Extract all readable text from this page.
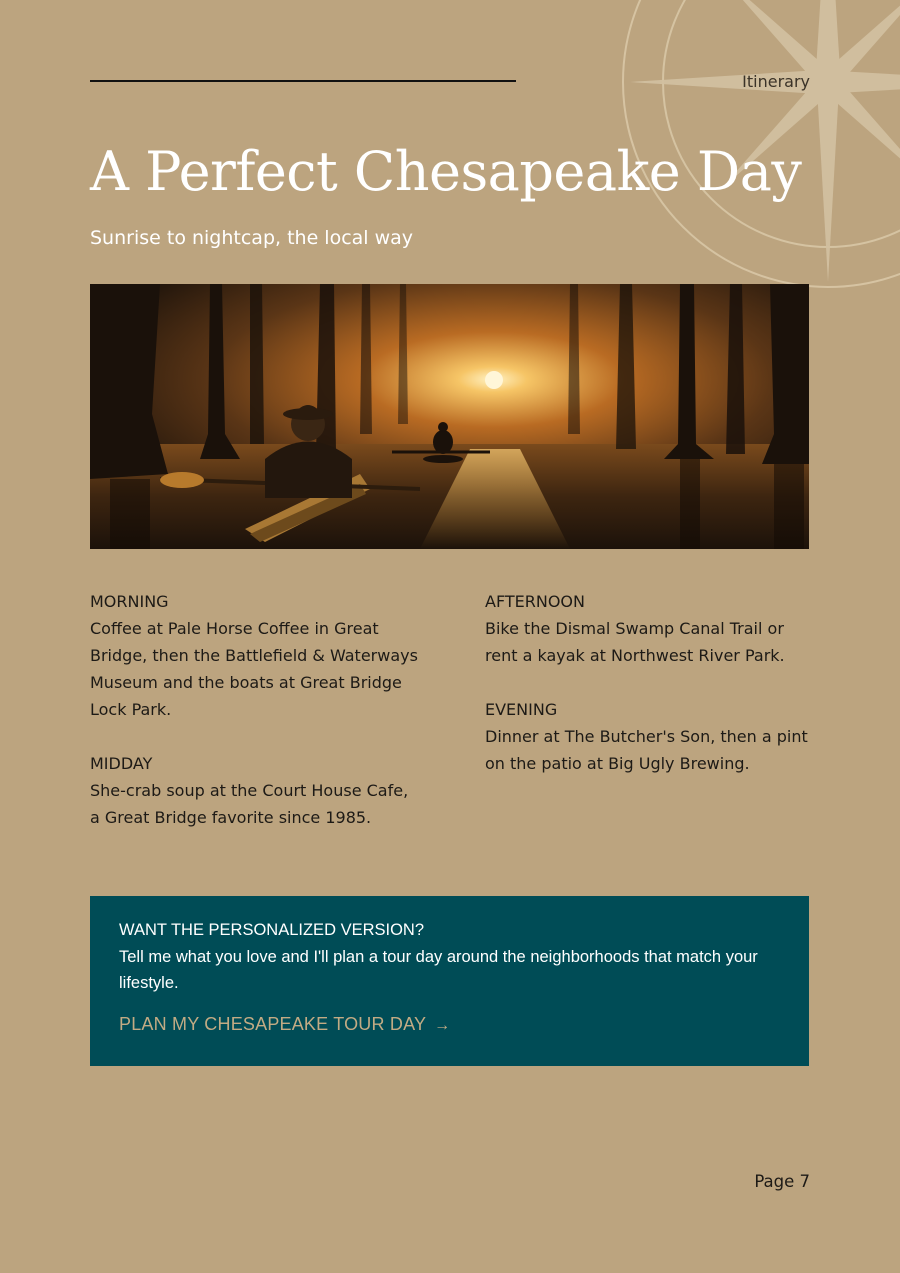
Itinerary
A Perfect Chesapeake Day

Sunrise to nightcap, the local way

MORNING

Coffee at Pale Horse Coffee in Great Bridge, then the Battlefield & Waterways Museum and the boats at Great Bridge Lock Park.

MIDDAY

She-crab soup at the Court House Cafe, a Great Bridge favorite since 1985.

AFTERNOON

Bike the Dismal Swamp Canal Trail or rent a kayak at Northwest River Park.

EVENING

Dinner at The Butcher's Son, then a pint on the patio at Big Ugly Brewing.

WANT THE PERSONALIZED VERSION?
Tell me what you love and I'll plan a tour day around the neighborhoods that match your lifestyle.
PLAN MY CHESAPEAKE TOUR DAY →
Page 7
